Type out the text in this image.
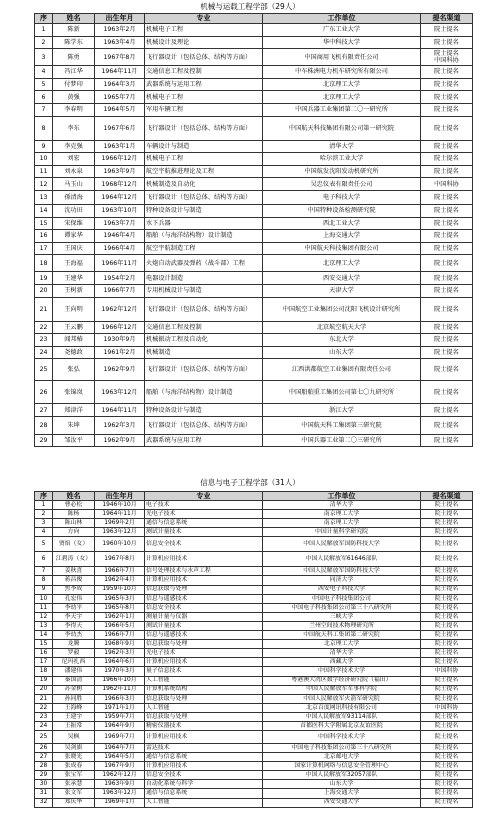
机械与运载工程学部（29人）
序	姓名	出生年月	专业	工作单位	提名渠道
1	陈新	1963年2月	机械电子工程	广东工业大学	院士提名
2	陈学东	1963年4月	机械设计及理论	华中科技大学	院士提名
3	陈勇	1967年8月	飞行器设计（包括总体、结构等方面）	中国商用飞机有限责任公司	院士提名
中国科协
4	冯江华	1964年11月	交通信息工程及控制	中车株洲电力机车研究所有限公司	院士提名
5	付梦印	1964年3月	武器系统与运用工程	北京理工大学	院士提名
6	黄强	1965年7月	机械电子工程	北京理工大学	院士提名
7	李春明	1964年5月	军用车辆工程	中国兵器工业集团第二〇一研究所	院士提名
8	李东	1967年6月	飞行器设计（包括总体、结构等方面）	中国航天科技集团有限公司第一研究院	院士提名
9	李克强	1963年1月	车辆设计与制造	清华大学	院士提名
10	刘宏	1966年12月	机械电子工程	哈尔滨工业大学	院士提名
11	刘永泉	1963年9月	航空宇航推进理论及工程	中国航发沈阳发动机研究所	院士提名
12	马玉山	1968年12月	机械制造及自动化	吴忠仪表有限责任公司	中国科协
13	孫清海	1964年12月	飞行器设计（包括总体、结构等方面）	电子科技大学	院士提名
14	沈功田	1963年10月	特种设备设计与制造	中国特种设备检测研究院	院士提名
15	宋保维	1963年7月	水下兵器	西北工业大学	院士提名
16	谭家华	1946年4月	船舶（与海洋结构物）设计制造	上海交通大学	院士提名
17	王国庆	1966年4月	航空宇航制造工程	中国航天科技集团有限公司	院士提名
18	王海福	1966年11月	火炮自动武器及弹药（战斗部）工程	北京理工大学	院士提名
19	王建华	1954年2月	电器设计制造	西安交通大学	院士提名
20	王树新	1966年7月	专用机械设计与制造	天津大学	院士提名
21	王向明	1962年12月	飞行器设计（包括总体、结构等方面）	中国航空工业集团公司沈阳飞机设计研究所	院士提名
22	王云鹏	1966年12月	交通信息工程及控制	北京航空航天大学	院士提名
23	闻邦椿	1930年9月	机械振动工程及自动化	东北大学	院士提名
24	尧德政	1961年2月	机械制造	山东大学	院士提名
25	张弘	1962年9月	飞行器设计（包括总体、结构等方面）	江西洪都航空工业集团有限责任公司	院士提名
26	张锦岚	1963年12月	船舶（与海洋结构物）设计制造	中国船舶重工集团公司第七〇九研究所	院士提名
27	郑津洋	1964年11月	特种设备设计与制造	浙江大学	院士提名
28	朱坤	1962年3月	飞行器设计（包括总体、结构等方面）	中国航天科工集团第三研究院	院士提名
29	邹汝平	1962年9月	武器系统与应用工程	中国兵器工业第二〇三研究所	院士提名
信息与电子工程学部（31人）
序	姓名	出生年月	专业	工作单位	提名渠道
1	曹必松	1946年10月	电子技术	清华大学	院士提名
2	陈杨	1964年11月	光电子技术	南京理工大学	院士提名
3	陈山林	1969年2月	通信与信息系统	南京理工大学	院士提名
4	方向	1963年12月	测试计量技术	中国计量科学研究院	院士提名
5	贾焰（女）	1960年10月	信息安全技术	中国人民解放军国防科技大学	院士提名
6	江碧涛（女）	1967年8月	计算机应用技术	中国人民解放军61646部队	院士提名
7	姜秋喜	1966年7月	信号处理技术与水声工程	中国人民解放军国防科技大学	院士提名
8	蒋昌俊	1962年4月	计算机应用技术	同济大学	院士提名
9	焦李成	1959年10月	信息获取与处理	西安电子科技大学	院士提名
10	孔宏伟	1965年3月	信息与遥感技术	中国电子科技集团公司	院士提名
11	李幼平	1965年8月	信息安全技术	中国电子科技集团公司第三十八研究所	院士提名
12	李天宇	1962年1月	测量计量与仪器	三峡大学	院士提名
13	李得天	1966年5月	测试计量技术	兰州空间技术物理研究所	院士提名
14	李幼杰	1966年7月	信息与遥感技术	中国航天科工集团第二研究院	院士提名
15	龙腾	1968年9月	信息获取与处理	北京理工大学	院士提名
16	罗毅	1962年3月	光电子技术	清华大学	院士提名
17	尼玛扎西	1964年6月	计算机应用技术	西藏大学	院士提名
18	潘建伟	1970年3月	量子信息技术	中国科学技术大学	中国科协
19	秦国清	1966年10月	人工智能	粤港澳大湾区数字经济研究院（福田）	院士提名
20	苏金树	1962年11月	计算机系统结构	中国人民解放军军事科学院	院士提名
21	孙同胜	1966年3月	信息获取与处理	中国人民解放军火箭军研究院	院士提名
22	王海峰	1971年1月	人工智能	北京百度网讯科技有限公司	中国科协
23	王建宇	1959年7月	信息获取与处理	中国人民解放军93114部队	院士提名
24	王振常	1964年9月	精密仪器技术	首都医科大学附属北京友谊医院	院士提名
25	吴枫	1969年7月	计算机应用技术	中国科学技术大学	院士提名
26	吴剑旗	1964年7月	雷达技术	中国电子科技集团公司第三十八研究所	院士提名
27	张晓光	1964年5月	通信与信息系统	北京邮电大学	院士提名
28	张成春	1967年9月	计算机应用技术	国家计算机网络与信息安全管理中心	院士提名
29	张宝军	1962年12月	信息安全技术	中国人民解放军32057部队	院士提名
30	张承慧	1963年9月	自动化系统与科学	山东大学	院士提名
31	张文军	1963年12月	通信与信息系统	上海交通大学	院士提名
32	郑庆华	1969年1月	人工智能	西安交通大学	院士提名
